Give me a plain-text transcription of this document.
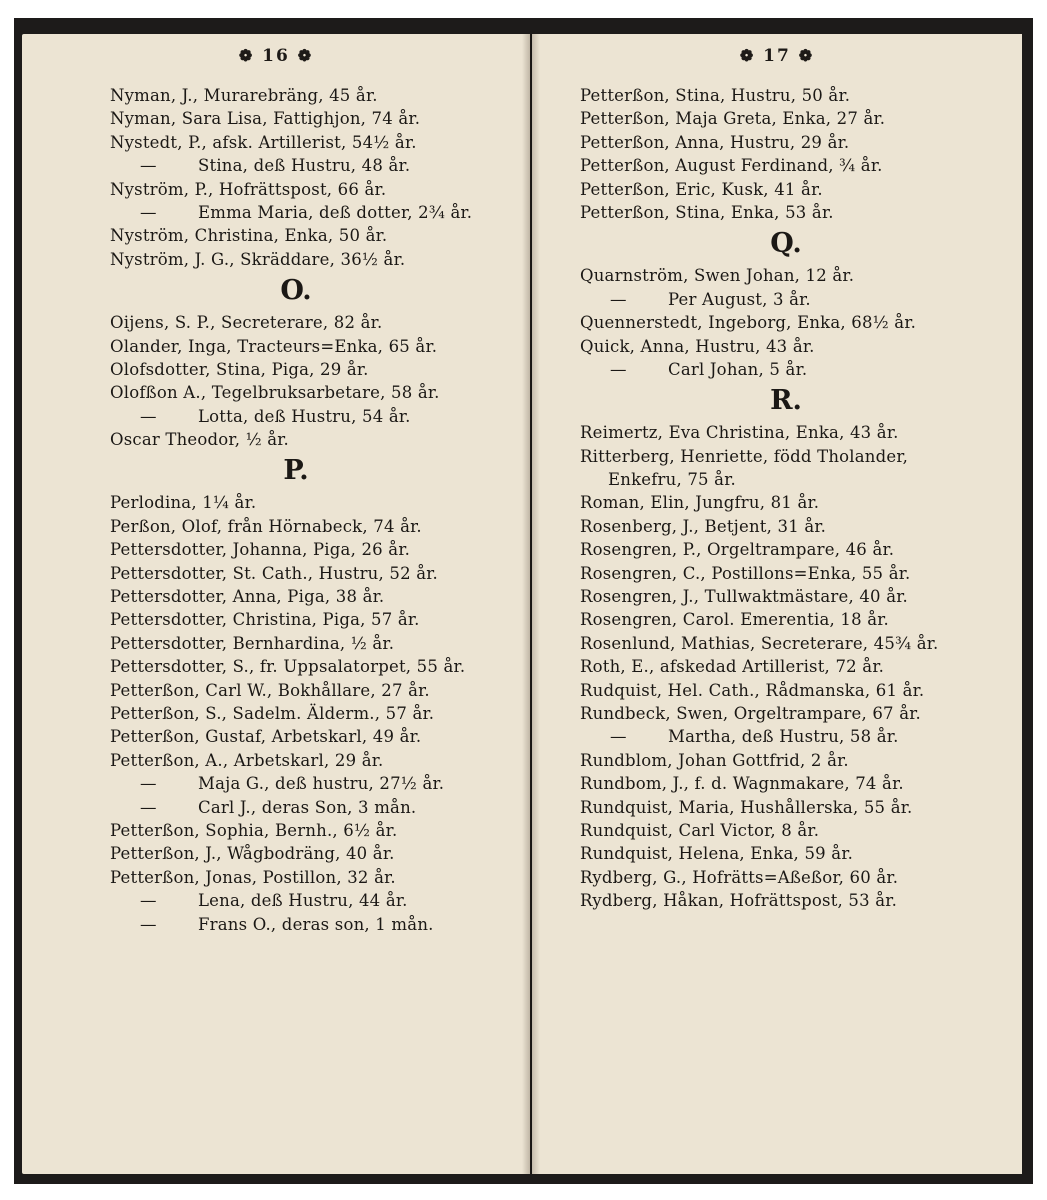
❁ 16 ❁
Nyman, J., Murarebräng, 45 år.
Nyman, Sara Lisa, Fattighjon, 74 år.
Nystedt, P., afsk. Artillerist, 54½ år.
—	Stina, deß Hustru, 48 år.
Nyström, P., Hofrättspost, 66 år.
—	Emma Maria, deß dotter, 2¾ år.
Nyström, Christina, Enka, 50 år.
Nyström, J. G., Skräddare, 36½ år.
O.
Oijens, S. P., Secreterare, 82 år.
Olander, Inga, Tracteurs=Enka, 65 år.
Olofsdotter, Stina, Piga, 29 år.
Olofßon A., Tegelbruksarbetare, 58 år.
—	Lotta, deß Hustru, 54 år.
Oscar Theodor, ½ år.
P.
Perlodina, 1¼ år.
Perßon, Olof, från Hörnabeck, 74 år.
Pettersdotter, Johanna, Piga, 26 år.
Pettersdotter, St. Cath., Hustru, 52 år.
Pettersdotter, Anna, Piga, 38 år.
Pettersdotter, Christina, Piga, 57 år.
Pettersdotter, Bernhardina, ½ år.
Pettersdotter, S., fr. Uppsalatorpet, 55 år.
Petterßon, Carl W., Bokhållare, 27 år.
Petterßon, S., Sadelm. Älderm., 57 år.
Petterßon, Gustaf, Arbetskarl, 49 år.
Petterßon, A., Arbetskarl, 29 år.
—	Maja G., deß hustru, 27½ år.
—	Carl J., deras Son, 3 mån.
Petterßon, Sophia, Bernh., 6½ år.
Petterßon, J., Wågbodräng, 40 år.
Petterßon, Jonas, Postillon, 32 år.
—	Lena, deß Hustru, 44 år.
—	Frans O., deras son, 1 mån.
❁ 17 ❁
Petterßon, Stina, Hustru, 50 år.
Petterßon, Maja Greta, Enka, 27 år.
Petterßon, Anna, Hustru, 29 år.
Petterßon, August Ferdinand, ¾ år.
Petterßon, Eric, Kusk, 41 år.
Petterßon, Stina, Enka, 53 år.
Q.
Quarnström, Swen Johan, 12 år.
—	Per August, 3 år.
Quennerstedt, Ingeborg, Enka, 68½ år.
Quick, Anna, Hustru, 43 år.
—	Carl Johan, 5 år.
R.
Reimertz, Eva Christina, Enka, 43 år.
Ritterberg, Henriette, född Tholander,
Enkefru, 75 år.
Roman, Elin, Jungfru, 81 år.
Rosenberg, J., Betjent, 31 år.
Rosengren, P., Orgeltrampare, 46 år.
Rosengren, C., Postillons=Enka, 55 år.
Rosengren, J., Tullwaktmästare, 40 år.
Rosengren, Carol. Emerentia, 18 år.
Rosenlund, Mathias, Secreterare, 45¾ år.
Roth, E., afskedad Artillerist, 72 år.
Rudquist, Hel. Cath., Rådmanska, 61 år.
Rundbeck, Swen, Orgeltrampare, 67 år.
—	Martha, deß Hustru, 58 år.
Rundblom, Johan Gottfrid, 2 år.
Rundbom, J., f. d. Wagnmakare, 74 år.
Rundquist, Maria, Hushållerska, 55 år.
Rundquist, Carl Victor, 8 år.
Rundquist, Helena, Enka, 59 år.
Rydberg, G., Hofrätts=Aßeßor, 60 år.
Rydberg, Håkan, Hofrättspost, 53 år.
